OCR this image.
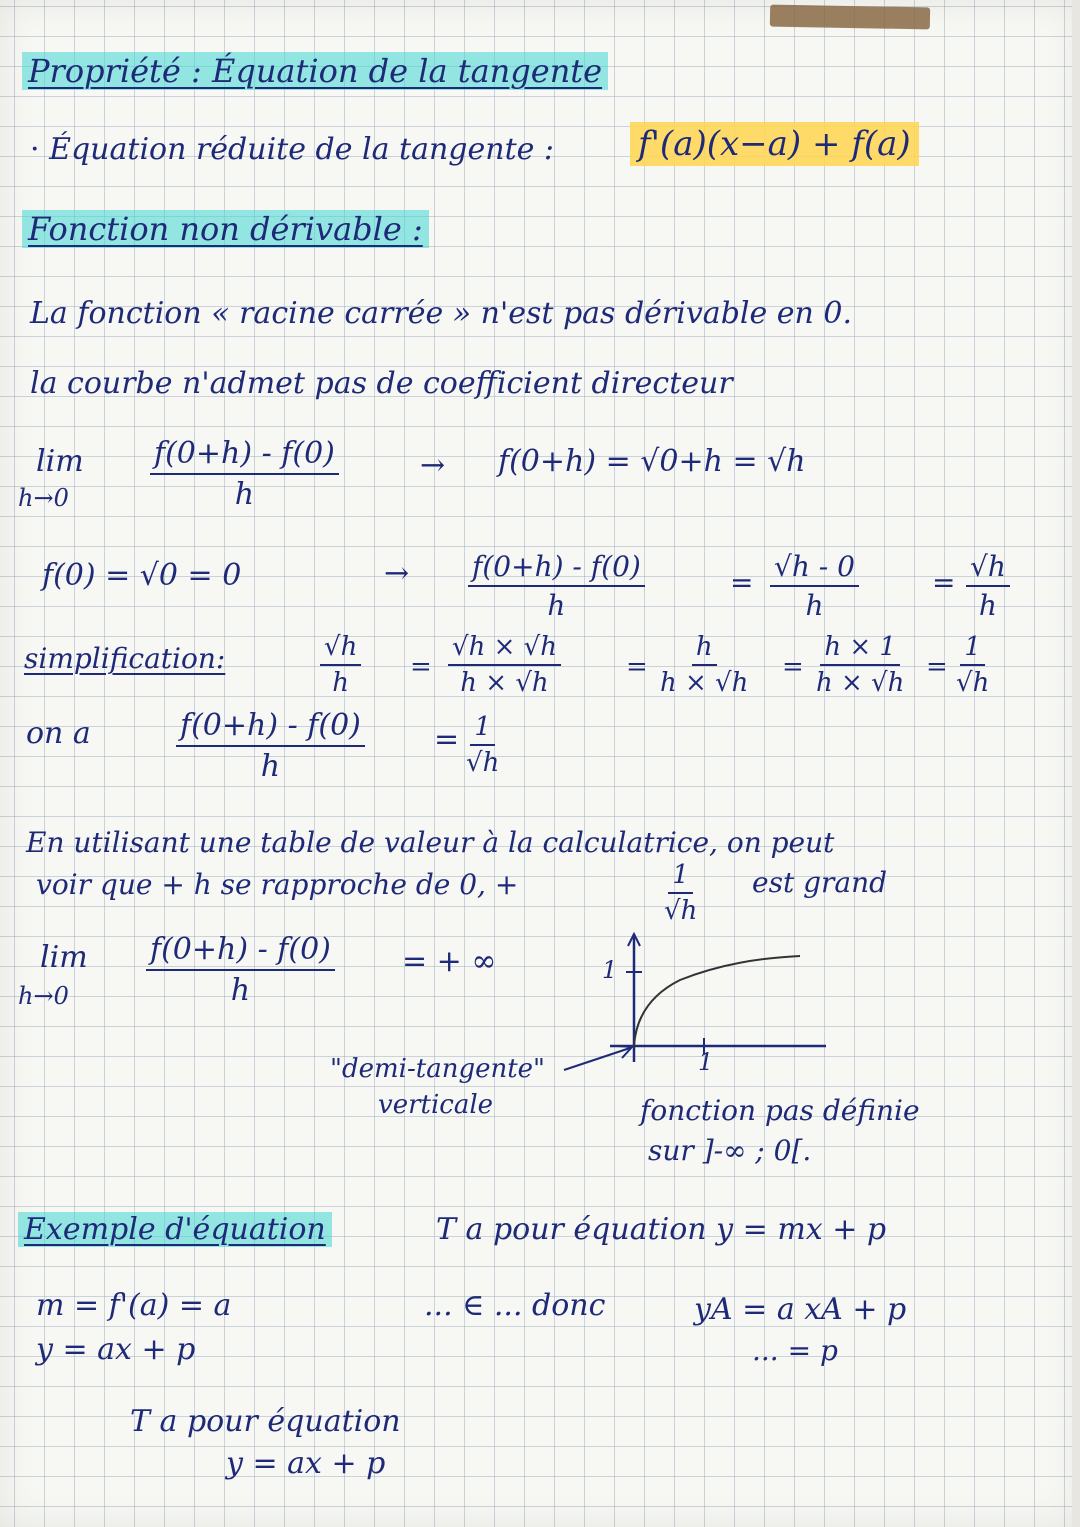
Propriété : Équation de la tangente
· Équation réduite de la tangente : f'(a)(x−a) + f(a)
Fonction non dérivable :
La fonction « racine carrée » n'est pas dérivable en 0.
la courbe n'admet pas de coefficient directeur
lim
h→0	$\frac{f(0+h) - f(0)}{h}$	→ f(0+h) = √0+h = √h
f(0) = √0 = 0	→ $\frac{f(0+h) - f(0)}{h}$	= $\frac{√h - 0}{h}$	= $\frac{√h}{h}$
simplification:	$\frac{√h}{h} = \frac{√h \times √h}{h \times √h}$	= $\frac{h}{h \times √h} = \frac{h \times 1}{h \times √h} = \frac{1}{√h}$
on a	$\frac{f(0+h) - f(0)}{h} = \frac{1}{√h}$
En utilisant une table de valeur à la calculatrice, on peut
voir que + h se rapproche de 0, +	$\frac{1}{√h}$ est grand
lim
h→0	$\frac{f(0+h) - f(0)}{h}$ = + ∞	1
1
"demi-tangente"
verticale	fonction pas définie
sur ]-∞ ; 0[.
Exemple d'équation	T a pour équation y = mx + p
m = f'(a) = a
y = ax + p
... ∈ ... donc	yA = a xA + p
... = p
T a pour équation
y = ax + p
